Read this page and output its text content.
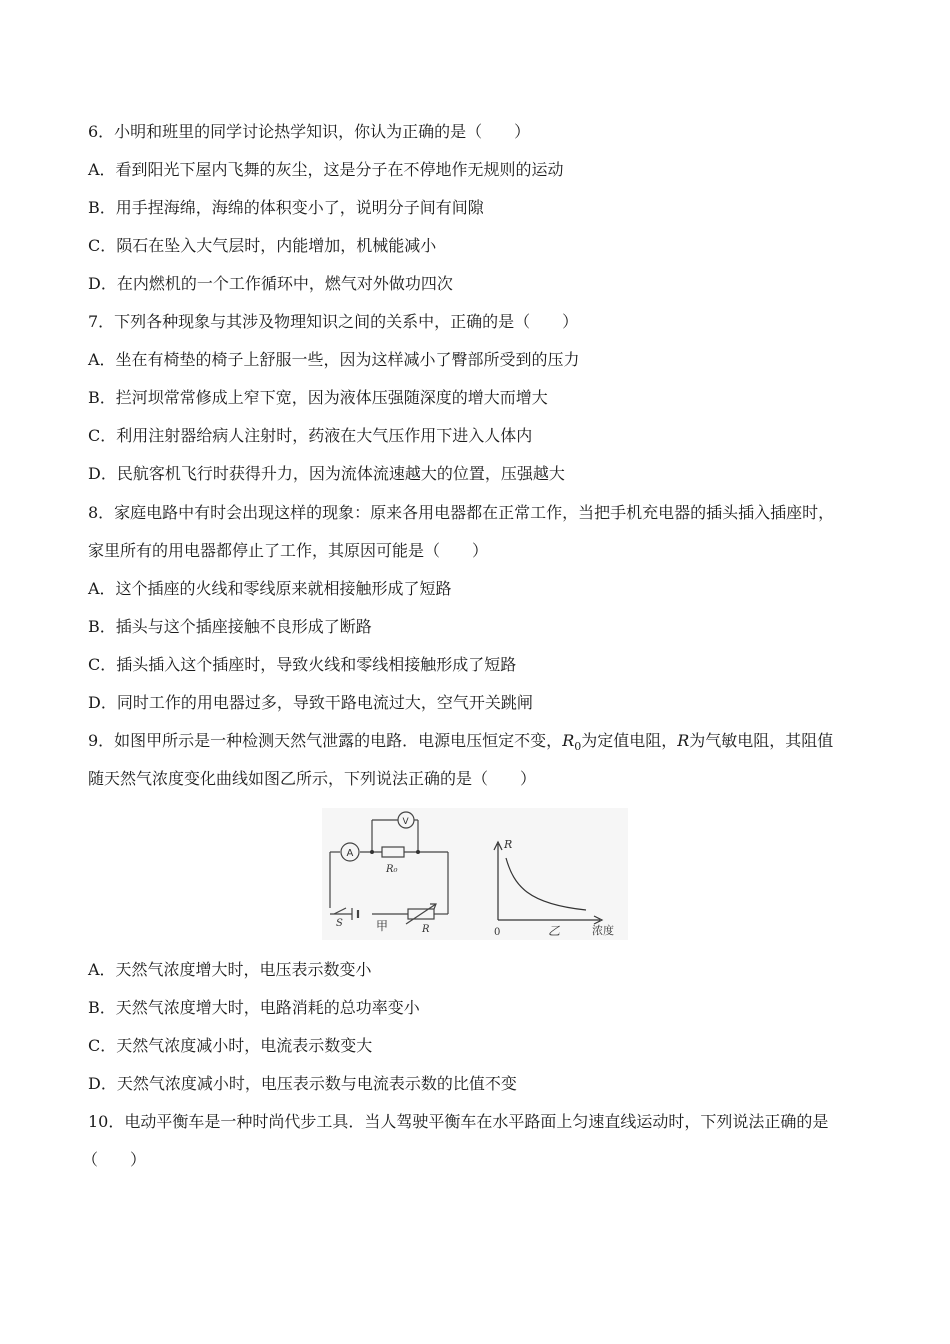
6．小明和班里的同学讨论热学知识，你认为正确的是（　　）
A．看到阳光下屋内飞舞的灰尘，这是分子在不停地作无规则的运动
B．用手捏海绵，海绵的体积变小了，说明分子间有间隙
C．陨石在坠入大气层时，内能增加，机械能减小
D．在内燃机的一个工作循环中，燃气对外做功四次
7．下列各种现象与其涉及物理知识之间的关系中，正确的是（　　）
A．坐在有椅垫的椅子上舒服一些，因为这样减小了臀部所受到的压力
B．拦河坝常常修成上窄下宽，因为液体压强随深度的增大而增大
C．利用注射器给病人注射时，药液在大气压作用下进入人体内
D．民航客机飞行时获得升力，因为流体流速越大的位置，压强越大
8．家庭电路中有时会出现这样的现象：原来各用电器都在正常工作，当把手机充电器的插头插入插座时，
家里所有的用电器都停止了工作，其原因可能是（　　）
A．这个插座的火线和零线原来就相接触形成了短路
B．插头与这个插座接触不良形成了断路
C．插头插入这个插座时，导致火线和零线相接触形成了短路
D．同时工作的用电器过多，导致干路电流过大，空气开关跳闸
9．如图甲所示是一种检测天然气泄露的电路．电源电压恒定不变，$R_0$为定值电阻，R为气敏电阻，其阻值
随天然气浓度变化曲线如图乙所示，下列说法正确的是（　　）
A
V
R₀
S
R
甲
R
0	乙	浓度
A．天然气浓度增大时，电压表示数变小
B．天然气浓度增大时，电路消耗的总功率变小
C．天然气浓度减小时，电流表示数变大
D．天然气浓度减小时，电压表示数与电流表示数的比值不变
10．电动平衡车是一种时尚代步工具．当人驾驶平衡车在水平路面上匀速直线运动时，下列说法正确的是
（　　）
